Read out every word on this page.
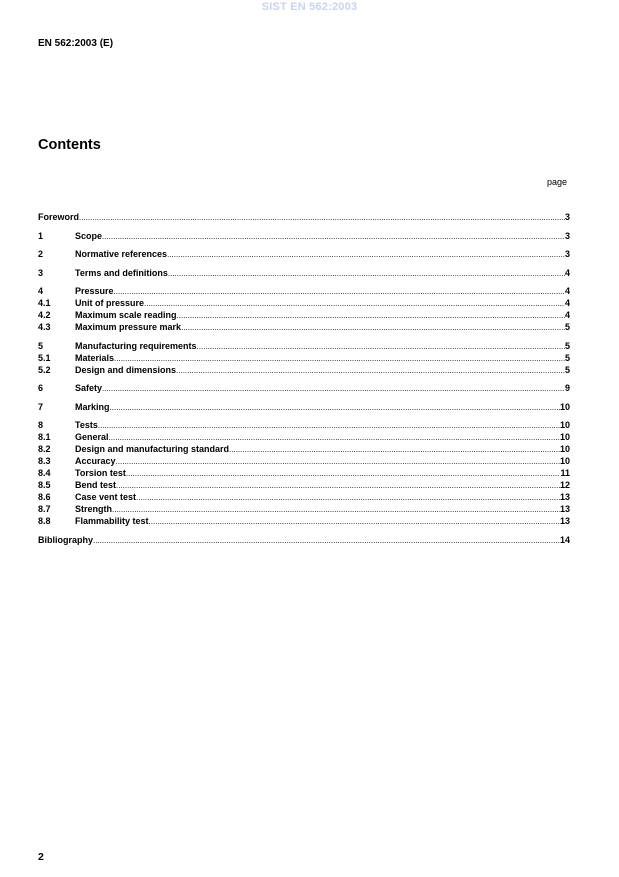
SIST EN 562:2003
EN 562:2003 (E)
Contents
page
Foreword .....	3
1	Scope .....	3
2	Normative references .....	3
3	Terms and definitions .....	4
4	Pressure .....	4
4.1	Unit of pressure .....	4
4.2	Maximum scale reading .....	4
4.3	Maximum pressure mark .....	5
5	Manufacturing requirements .....	5
5.1	Materials .....	5
5.2	Design and dimensions .....	5
6	Safety .....	9
7	Marking .....	10
8	Tests .....	10
8.1	General .....	10
8.2	Design and manufacturing standard .....	10
8.3	Accuracy .....	10
8.4	Torsion test .....	11
8.5	Bend test .....	12
8.6	Case vent test .....	13
8.7	Strength .....	13
8.8	Flammability test .....	13
Bibliography .....	14
2
